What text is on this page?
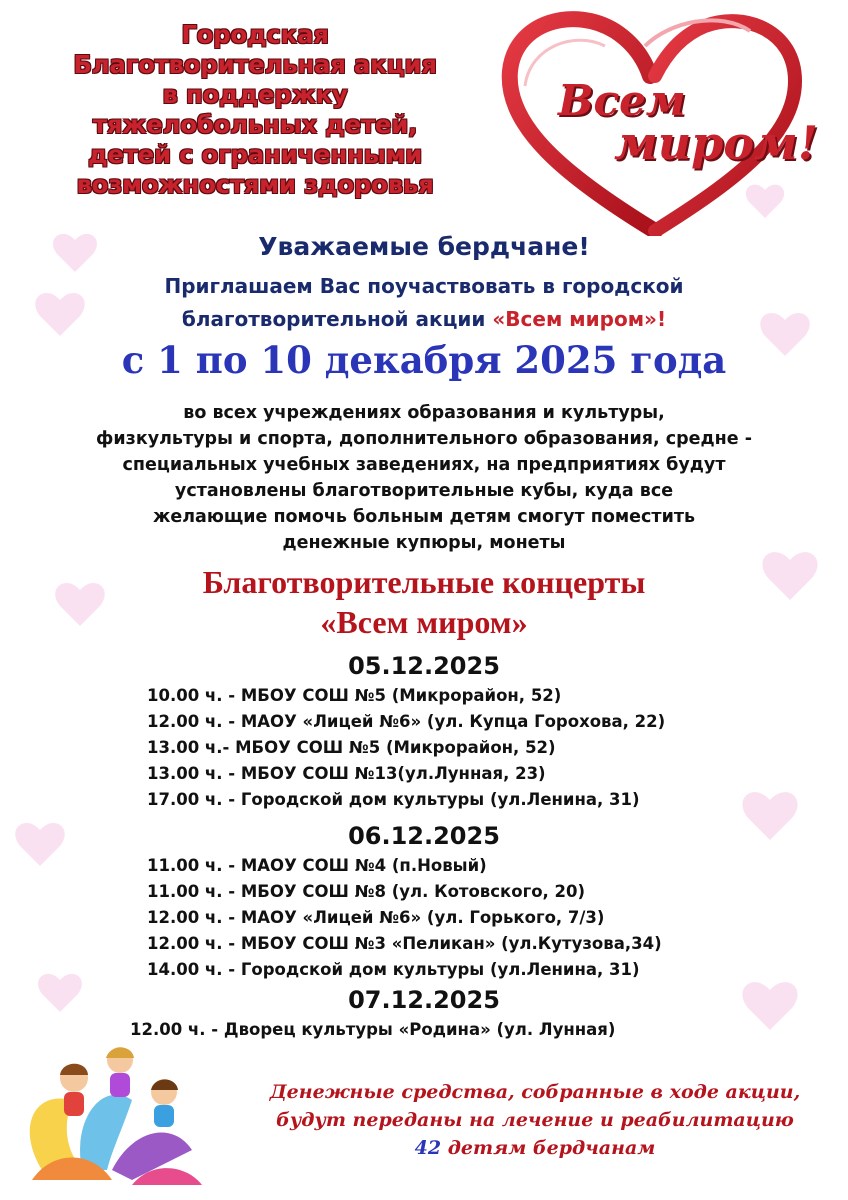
Городская
Благотворительная акция
в поддержку
тяжелобольных детей,
детей с ограниченными
возможностями здоровья
Всем
миром!
Уважаемые бердчане!
Приглашаем Вас поучаствовать в городской
благотворительной акции «Всем миром»!
с 1 по 10 декабря 2025 года
во всех учреждениях образования и культуры,
физкультуры и спорта, дополнительного образования, средне -
специальных учебных заведениях, на предприятиях будут
установлены благотворительные кубы, куда все
желающие помочь больным детям смогут поместить
денежные купюры, монеты
Благотворительные концерты
«Всем миром»
05.12.2025
10.00 ч. - МБОУ СОШ №5 (Микрорайон, 52)
12.00 ч. - МАОУ «Лицей №6» (ул. Купца Горохова, 22)
13.00 ч.- МБОУ СОШ №5 (Микрорайон, 52)
13.00 ч. - МБОУ СОШ №13(ул.Лунная, 23)
17.00 ч. - Городской дом культуры (ул.Ленина, 31)
06.12.2025
11.00 ч. - МАОУ СОШ №4 (п.Новый)
11.00 ч. - МБОУ СОШ №8 (ул. Котовского, 20)
12.00 ч. - МАОУ «Лицей №6» (ул. Горького, 7/3)
12.00 ч. - МБОУ СОШ №3 «Пеликан» (ул.Кутузова,34)
14.00 ч. - Городской дом культуры (ул.Ленина, 31)
07.12.2025
12.00 ч. - Дворец культуры «Родина» (ул. Лунная)
Денежные средства, собранные в ходе акции,
будут переданы на лечение и реабилитацию
42 детям бердчанам
